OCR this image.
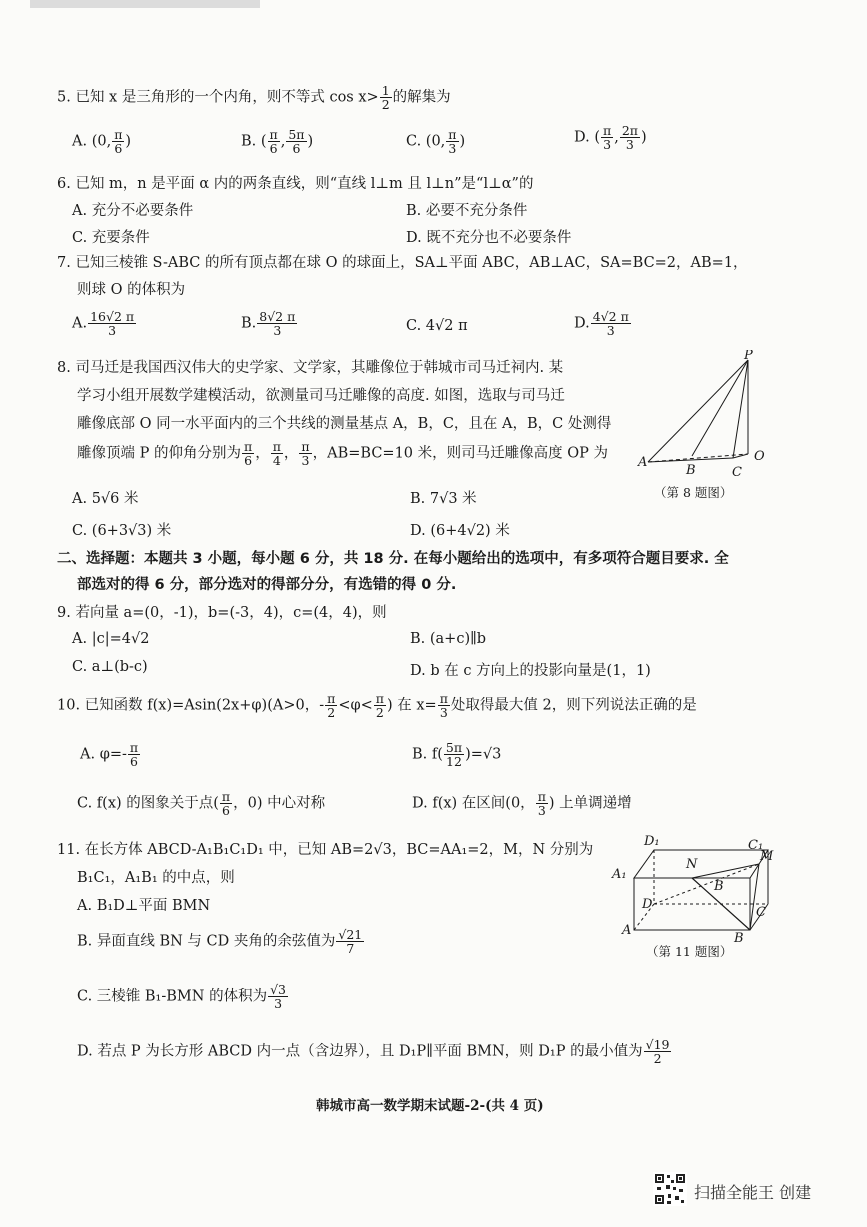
5. 已知 x 是三角形的一个内角，则不等式 $\cos x> \frac{1}{2}$ 的解集为
A. (0, $\frac{\pi}{6}$ )	B. ( $\frac{\pi}{6}$ , $\frac{5\pi}{6}$ )	C. (0, $\frac{\pi}{3}$ )	D. ( $\frac{\pi}{3}$ , $\frac{2\pi}{3}$ )
6. 已知 m，n 是平面 α 内的两条直线，则“直线 l⊥m 且 l⊥n”是“l⊥α”的
A. 充分不必要条件	B. 必要不充分条件
C. 充要条件	D. 既不充分也不必要条件
7. 已知三棱锥 S-ABC 的所有顶点都在球 O 的球面上，SA⊥平面 ABC，AB⊥AC，SA=BC=2，AB=1，
则球 O 的体积为
A. $\frac{16√2 \pi}{3}$	B. $\frac{8√2 \pi}{3}$	C. 4√2 π	D. $\frac{4√2 \pi}{3}$
8. 司马迁是我国西汉伟大的史学家、文学家，其雕像位于韩城市司马迁祠内. 某
学习小组开展数学建模活动，欲测量司马迁雕像的高度. 如图，选取与司马迁
雕像底部 O 同一水平面内的三个共线的测量基点 A，B，C，且在 A，B，C 处测得
雕像顶端 P 的仰角分别为 $\frac{\pi}{6}$ ， $\frac{\pi}{4}$ ， $\frac{\pi}{3}$ ，AB=BC=10 米，则司马迁雕像高度 OP 为
A. 5√6 米	B. 7√3 米
C. (6+3√3) 米	D. (6+4√2) 米
P
A
B	C
O
（第 8 题图）
二、选择题：本题共 3 小题，每小题 6 分，共 18 分. 在每小题给出的选项中，有多项符合题目要求. 全
部选对的得 6 分，部分选对的得部分分，有选错的得 0 分.
9. 若向量 a=(0，-1)，b=(-3，4)，c=(4，4)，则
A. |c|=4√2	B. (a+c)∥b
C. a⊥(b-c)	D. b 在 c 方向上的投影向量是(1，1)
10. 已知函数 f(x)=Asin(2x+φ)(A>0，- $\frac{\pi}{2} <\varphi< \frac{\pi}{2}$ ) 在 $x= \frac{\pi}{3}$ 处取得最大值 2，则下列说法正确的是
A. $\varphi=- \frac{\pi}{6}$	B. $f( \frac{5\pi}{12} )=√3$
C. f(x) 的图象关于点( $\frac{\pi}{6}$ ，0) 中心对称	D. f(x) 在区间(0， $\frac{\pi}{3}$ ) 上单调递增
11. 在长方体 ABCD-A₁B₁C₁D₁ 中，已知 AB=2√3，BC=AA₁=2，M，N 分别为
B₁C₁，A₁B₁ 的中点，则
A. B₁D⊥平面 BMN
B. 异面直线 BN 与 CD 夹角的余弦值为 $\frac{√21}{7}$
C. 三棱锥 B₁-BMN 的体积为 $\frac{√3}{3}$
D. 若点 P 为长方形 ABCD 内一点（含边界），且 D₁P∥平面 BMN，则 D₁P 的最小值为 $\frac{√19}{2}$
D₁	C₁
A₁
B
N
M
D
C
A
B
（第 11 题图）
韩城市高一数学期末试题-2-(共 4 页)
扫描全能王 创建
